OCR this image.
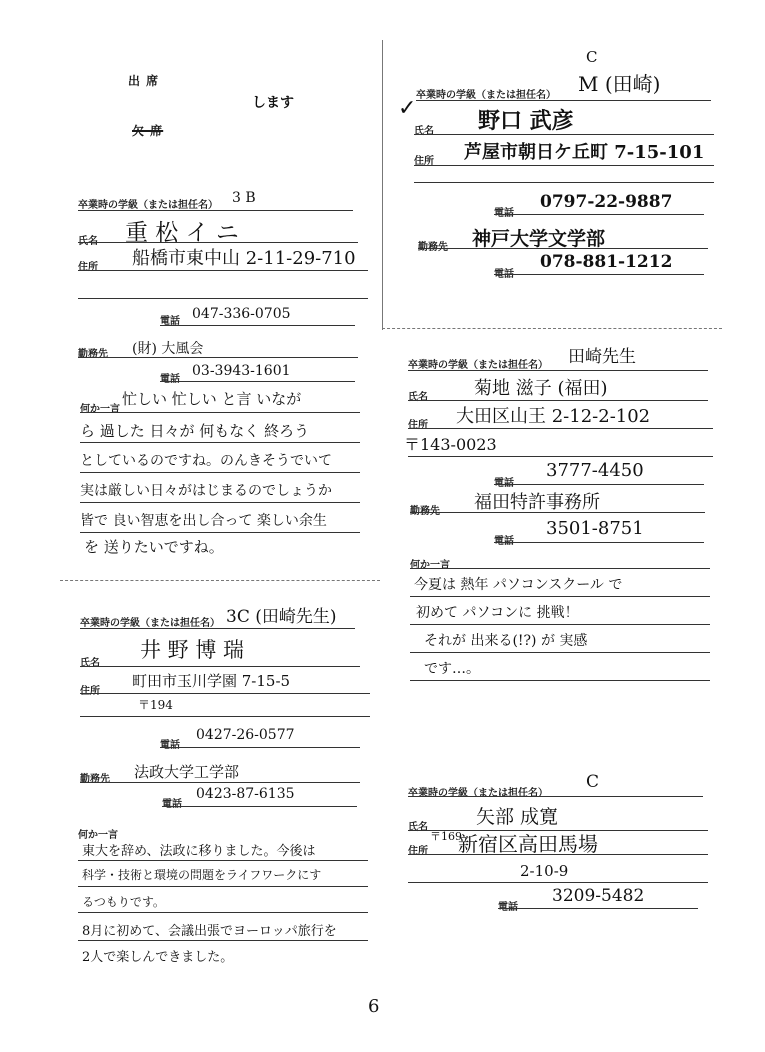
出 席
します
欠 席
卒業時の学級（または担任名） 3 B
氏名 重 松 イ ニ
住所 船橋市東中山 2-11-29-710
電話 047-336-0705
勤務先 (財) 大風会
電話
03-3943-1601
何か一言
忙しい 忙しい と言 いなが
ら 過した 日々が 何もなく 終ろう
としているのですね。のんきそうでいて
実は厳しい日々がはじまるのでしょうか
皆で 良い智恵を出し合って 楽しい余生
を 送りたいですね。
卒業時の学級（または担任名） 3C (田崎先生)
氏名
井 野 博 瑞
住所
町田市玉川学園 7-15-5
〒194
電話
0427-26-0577
勤務先 法政大学工学部
電話
0423-87-6135
何か一言
東大を辞め、法政に移りました。今後は
科学・技術と環境の問題をライフワークにす
るつもりです。
8月に初めて、会議出張でヨーロッパ旅行を
2人で楽しんできました。
C
✓
卒業時の学級（または担任名） M (田崎)
氏名 野口 武彦
住所 芦屋市朝日ケ丘町 7-15-101
電話
0797-22-9887
勤務先 神戸大学文学部
電話
078-881-1212
卒業時の学級（または担任名） 田崎先生
氏名	菊地 滋子 (福田)
住所 大田区山王 2-12-2-102
〒143-0023
電話
3777-4450
勤務先 福田特許事務所
電話
3501-8751
何か一言
今夏は 熱年 パソコンスクール で
初めて パソコンに 挑戦！
それが 出来る(!?) が 実感
です…。
卒業時の学級（または担任名）
C
氏名	矢部 成寛
〒169
住所 新宿区高田馬場
2-10-9
電話
3209-5482
6
